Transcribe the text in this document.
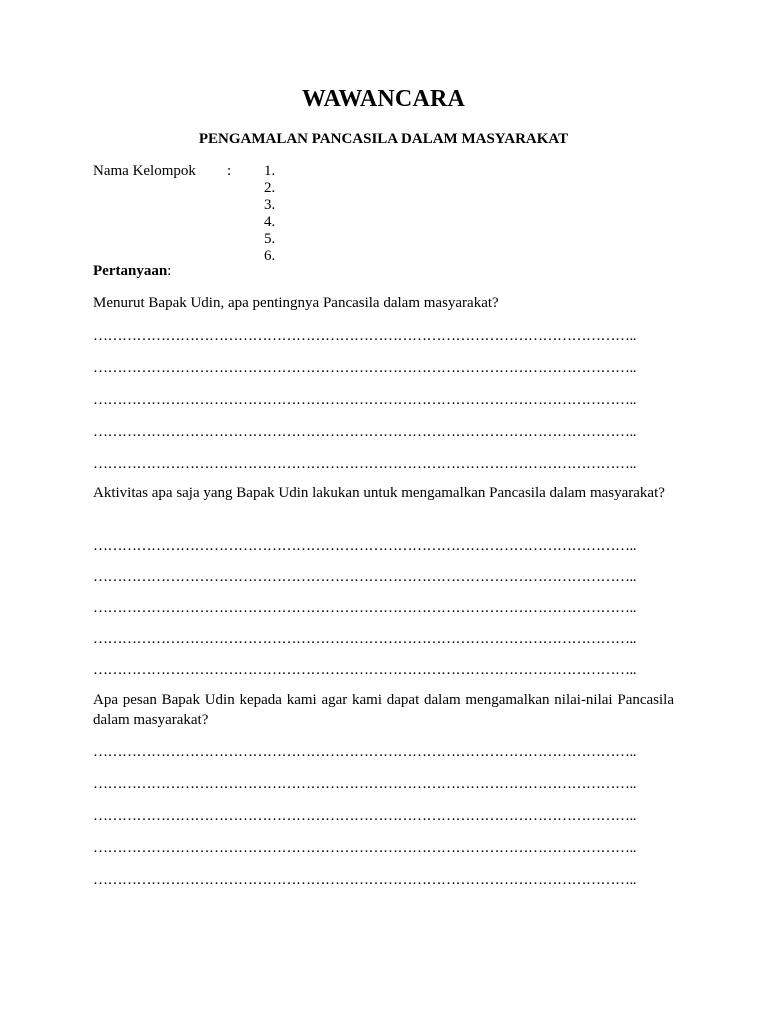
WAWANCARA
PENGAMALAN PANCASILA DALAM MASYARAKAT
Nama Kelompok : 1.
2.
3.
4.
5.
6.
Pertanyaan:

Menurut Bapak Udin, apa pentingnya Pancasila dalam masyarakat?

…………………………………………………………………………………………………..
…………………………………………………………………………………………………..
…………………………………………………………………………………………………..
…………………………………………………………………………………………………..
…………………………………………………………………………………………………..

Aktivitas apa saja yang Bapak Udin lakukan untuk mengamalkan Pancasila dalam masyarakat?

…………………………………………………………………………………………………..
…………………………………………………………………………………………………..
…………………………………………………………………………………………………..
…………………………………………………………………………………………………..
…………………………………………………………………………………………………..

Apa pesan Bapak Udin kepada kami agar kami dapat dalam mengamalkan nilai-nilai Pancasila dalam masyarakat?

…………………………………………………………………………………………………..
…………………………………………………………………………………………………..
…………………………………………………………………………………………………..
…………………………………………………………………………………………………..
…………………………………………………………………………………………………..
